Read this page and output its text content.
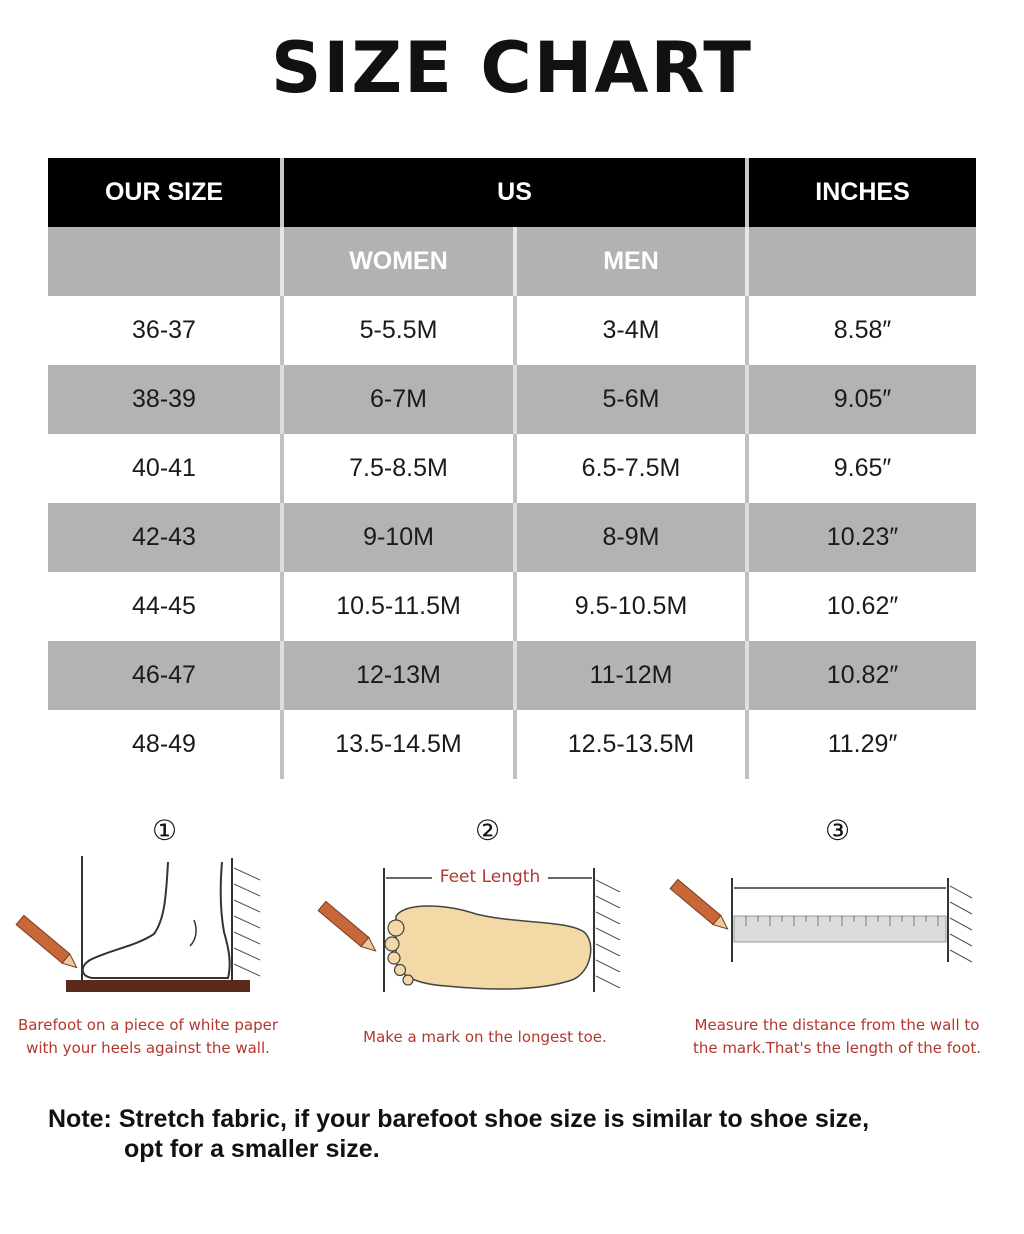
SIZE CHART
OUR SIZE	US		INCHES
	WOMEN	MEN	
36-37	5-5.5M	3-4M	8.58″
38-39	6-7M	5-6M	9.05″
40-41	7.5-8.5M	6.5-7.5M	9.65″
42-43	9-10M	8-9M	10.23″
44-45	10.5-11.5M	9.5-10.5M	10.62″
46-47	12-13M	11-12M	10.82″
48-49	13.5-14.5M	12.5-13.5M	11.29″
①
Barefoot on a piece of white paper
with your heels against the wall.
②
Feet Length
Make a mark on the longest toe.
③
Measure the distance from the wall to
the mark.That's the length of the foot.
Note: Stretch fabric, if your barefoot shoe size is similar to shoe size,
opt for a smaller size.
